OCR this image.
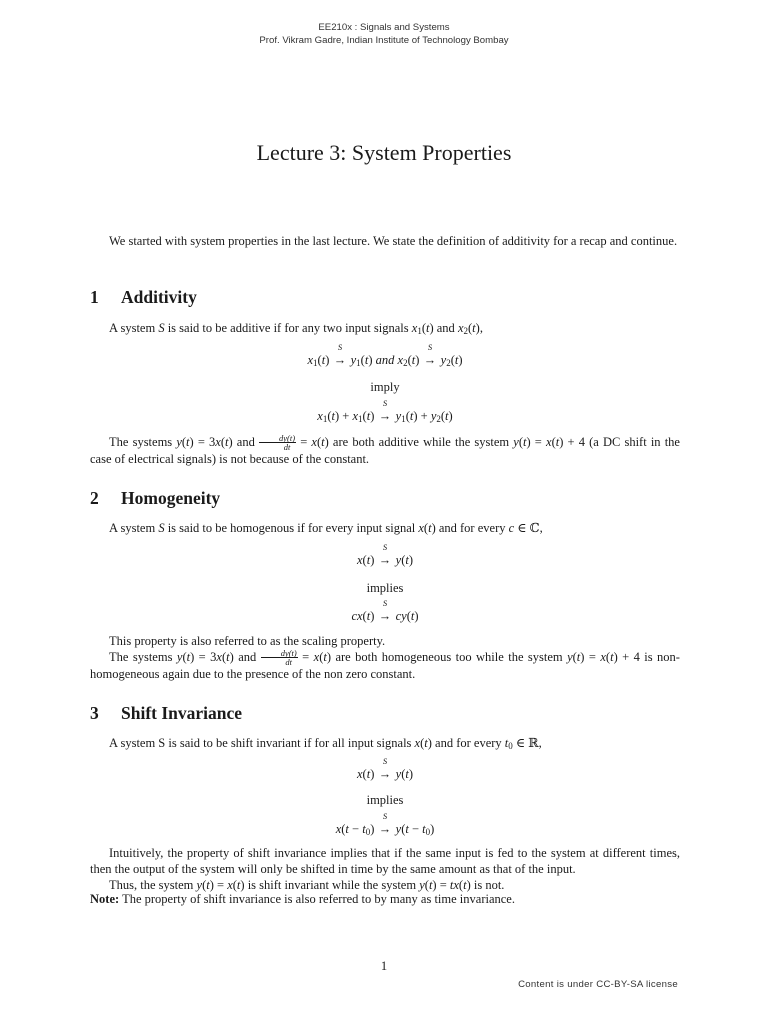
EE210x : Signals and Systems
Prof. Vikram Gadre, Indian Institute of Technology Bombay
Lecture 3: System Properties
We started with system properties in the last lecture. We state the definition of additivity for a recap and continue.
1 Additivity
A system S is said to be additive if for any two input signals $x_1(t)$ and $x_2(t)$,
$x_1(t)$
S
→ $y_1(t)$ and $x_2(t)$
S
→ $y_2(t)$
imply
$x_1(t) + x_1(t)$
S
→ $y_1(t) + y_2(t)$
The systems y(t) = 3x(t) and $\frac{dy(t)}{dt} = x(t)$ are both additive while the system y(t) = x(t) + 4 (a DC shift in the case of electrical signals) is not because of the constant.
2 Homogeneity
A system S is said to be homogenous if for every input signal x(t) and for every c ∈ ℂ,
x(t)
S
→ y(t)
implies
cx(t)
S
→ cy(t)
This property is also referred to as the scaling property.
The systems y(t) = 3x(t) and $\frac{dy(t)}{dt} = x(t)$ are both homogeneous too while the system y(t) = x(t) + 4 is non-homogeneous again due to the presence of the non zero constant.
3 Shift Invariance
A system S is said to be shift invariant if for all input signals x(t) and for every $t_0$ ∈ ℝ,
x(t)
S
→ y(t)
implies
$x(t - t_0)$
S
→ $y(t - t_0)$
Intuitively, the property of shift invariance implies that if the same input is fed to the system at different times, then the output of the system will only be shifted in time by the same amount as that of the input.
Thus, the system y(t) = x(t) is shift invariant while the system y(t) = tx(t) is not.
Note: The property of shift invariance is also referred to by many as time invariance.
1
Content is under CC-BY-SA license
